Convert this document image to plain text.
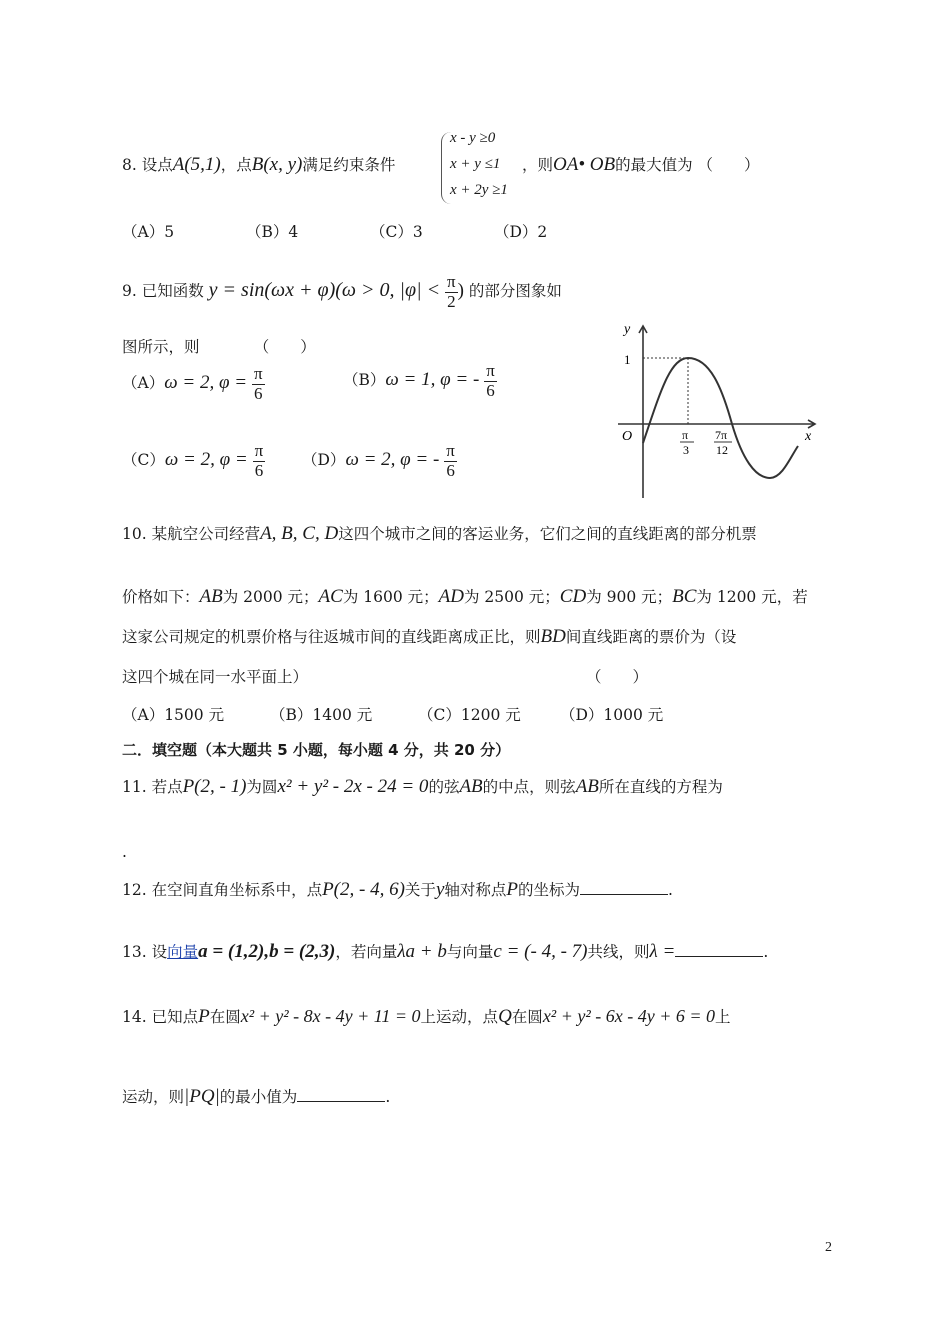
8. 设点A(5,1)，点B(x, y)满足约束条件
x - y ≥0
x + y ≤1
x + 2y ≥1
，则OA• OB的最大值为 （　　）
（A）5	（B）4	（C）3	（D）2
9. 已知函数 y = sin(ωx + φ)(ω > 0, $|\varphi| < \frac{\pi}{2}$ ) 的部分图象如
图所示，则　　　　（　　）
（A）ω = 2, $\varphi = \frac{\pi}{6}$	（B）ω = 1, φ = - $\frac{\pi}{6}$
（C）ω = 2, $\varphi = \frac{\pi}{6} (D)\omega = 2$, φ = - $\frac{\pi}{6}$
y
x
O
1
π
3
7π
12
10. 某航空公司经营A, B, C, D这四个城市之间的客运业务，它们之间的直线距离的部分机票
价格如下：AB为 2000 元；AC为 1600 元；AD为 2500 元；CD为 900 元；BC为 1200 元，若
这家公司规定的机票价格与往返城市间的直线距离成正比，则BD间直线距离的票价为（设
这四个城在同一水平面上）	（　　）
（A）1500 元	（B）1400 元	（C）1200 元	（D）1000 元
二．填空题（本大题共 5 小题，每小题 4 分，共 20 分）
11. 若点P(2, - 1)为圆x² + y² - 2x - 24 = 0的弦AB的中点，则弦AB所在直线的方程为
.
12. 在空间直角坐标系中，点P(2, - 4, 6)关于y轴对称点P的坐标为	.
13. 设向量a = (1,2),b = (2,3)，若向量λa + b与向量c = (- 4, - 7)共线，则λ =	.
14. 已知点P在圆x² + y² - 8x - 4y + 11 = 0上运动，点Q在圆x² + y² - 6x - 4y + 6 = 0上
运动，则|PQ|的最小值为	.
2
